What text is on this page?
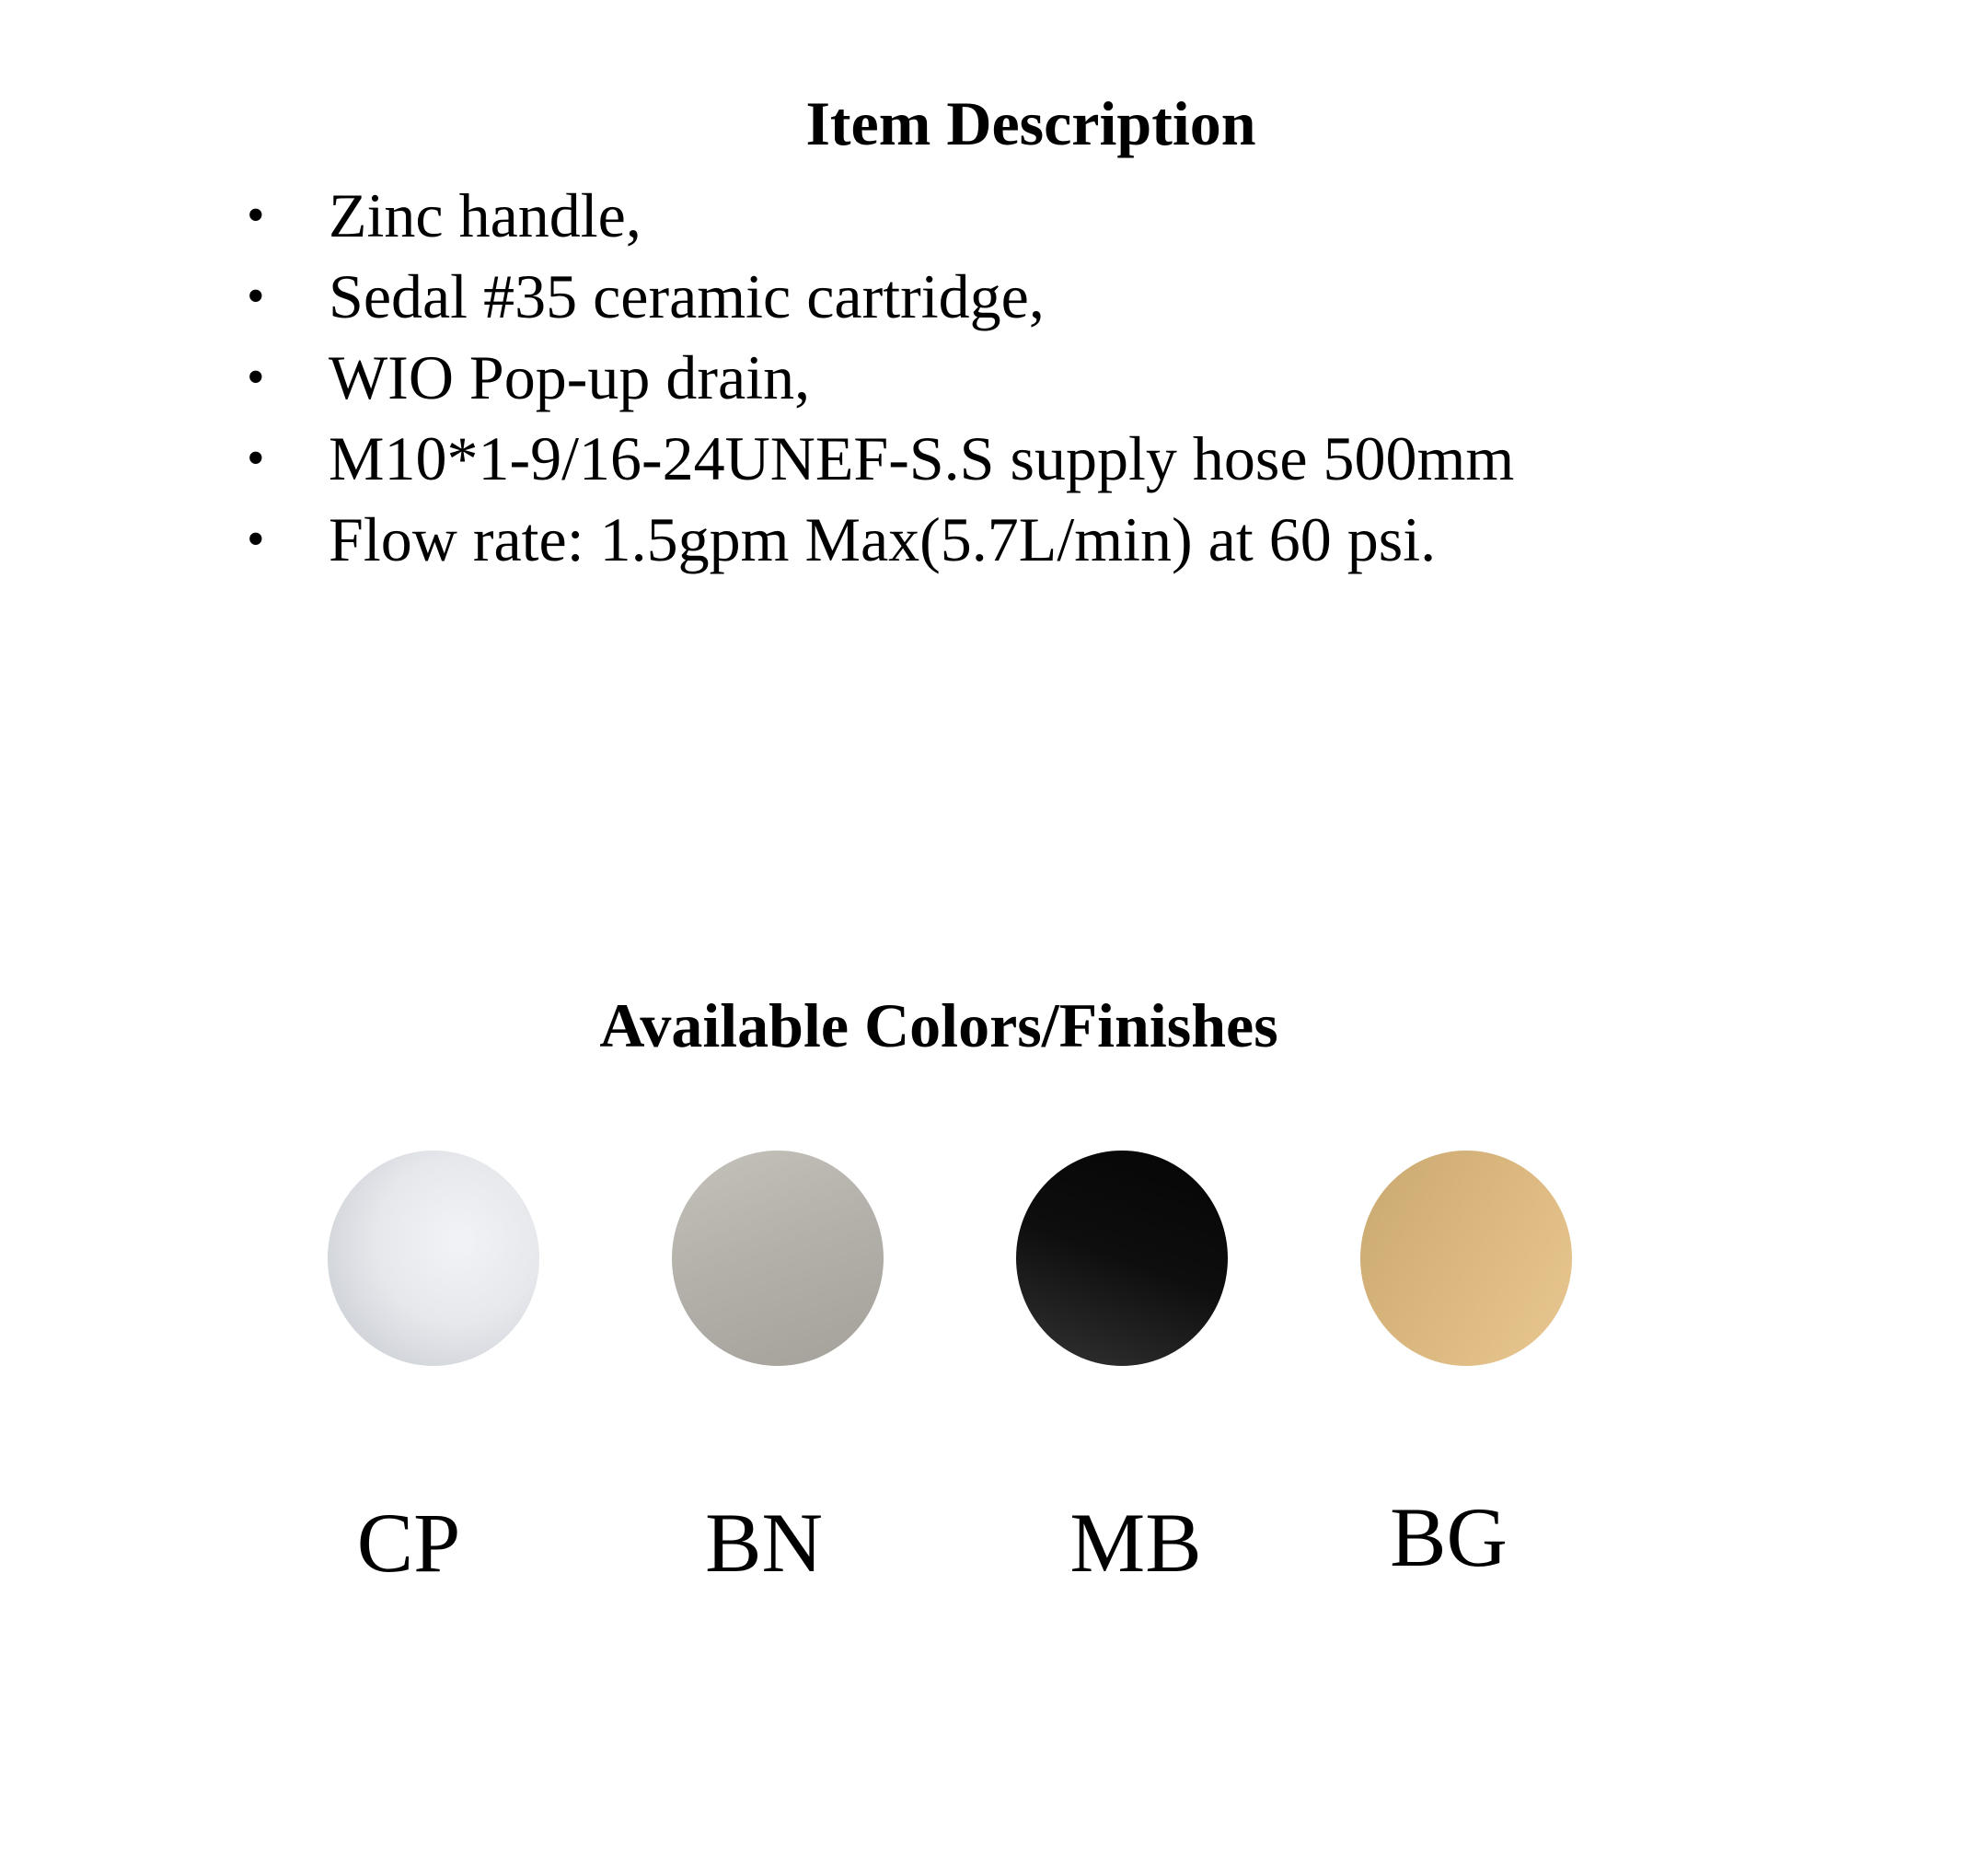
Item Description
• Zinc handle,
• Sedal #35 ceramic cartridge,
• WIO Pop-up drain,
• M10*1-9/16-24UNEF-S.S supply hose 500mm
• Flow rate: 1.5gpm Max(5.7L/min) at 60 psi.
Available Colors/Finishes
CP	BN	MB	BG
